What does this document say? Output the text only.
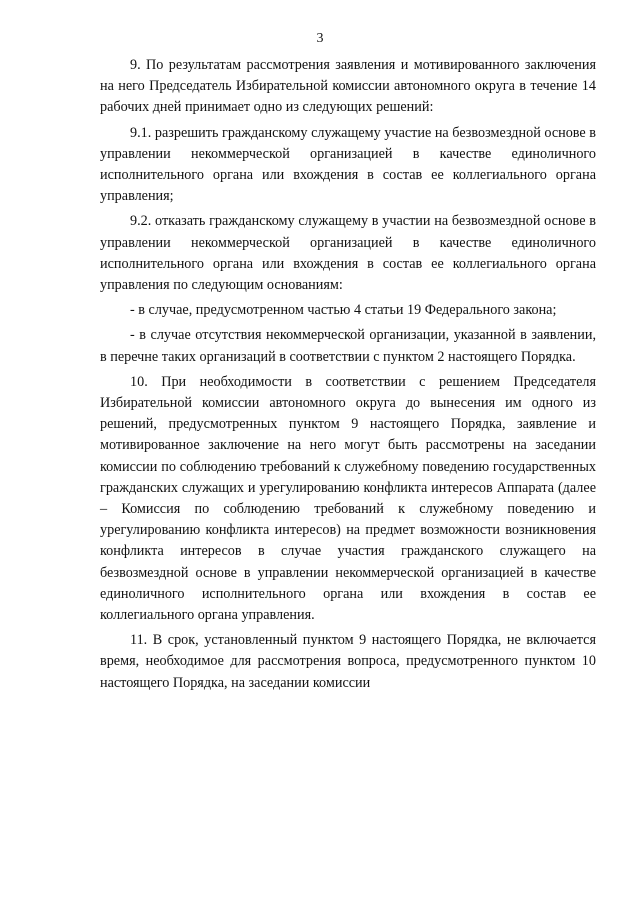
3

9. По результатам рассмотрения заявления и мотивированного заключения на него Председатель Избирательной комиссии автономного округа в течение 14 рабочих дней принимает одно из следующих решений:

9.1. разрешить гражданскому служащему участие на безвозмездной основе в управлении некоммерческой организацией в качестве единоличного исполнительного органа или вхождения в состав ее коллегиального органа управления;

9.2. отказать гражданскому служащему в участии на безвозмездной основе в управлении некоммерческой организацией в качестве единоличного исполнительного органа или вхождения в состав ее коллегиального органа управления по следующим основаниям:

- в случае, предусмотренном частью 4 статьи 19 Федерального закона;

- в случае отсутствия некоммерческой организации, указанной в заявлении, в перечне таких организаций в соответствии с пунктом 2 настоящего Порядка.

10. При необходимости в соответствии с решением Председателя Избирательной комиссии автономного округа до вынесения им одного из решений, предусмотренных пунктом 9 настоящего Порядка, заявление и мотивированное заключение на него могут быть рассмотрены на заседании комиссии по соблюдению требований к служебному поведению государственных гражданских служащих и урегулированию конфликта интересов Аппарата (далее – Комиссия по соблюдению требований к служебному поведению и урегулированию конфликта интересов) на предмет возможности возникновения конфликта интересов в случае участия гражданского служащего на безвозмездной основе в управлении некоммерческой организацией в качестве единоличного исполнительного органа или вхождения в состав ее коллегиального органа управления.

11. В срок, установленный пунктом 9 настоящего Порядка, не включается время, необходимое для рассмотрения вопроса, предусмотренного пунктом 10 настоящего Порядка, на заседании комиссии
